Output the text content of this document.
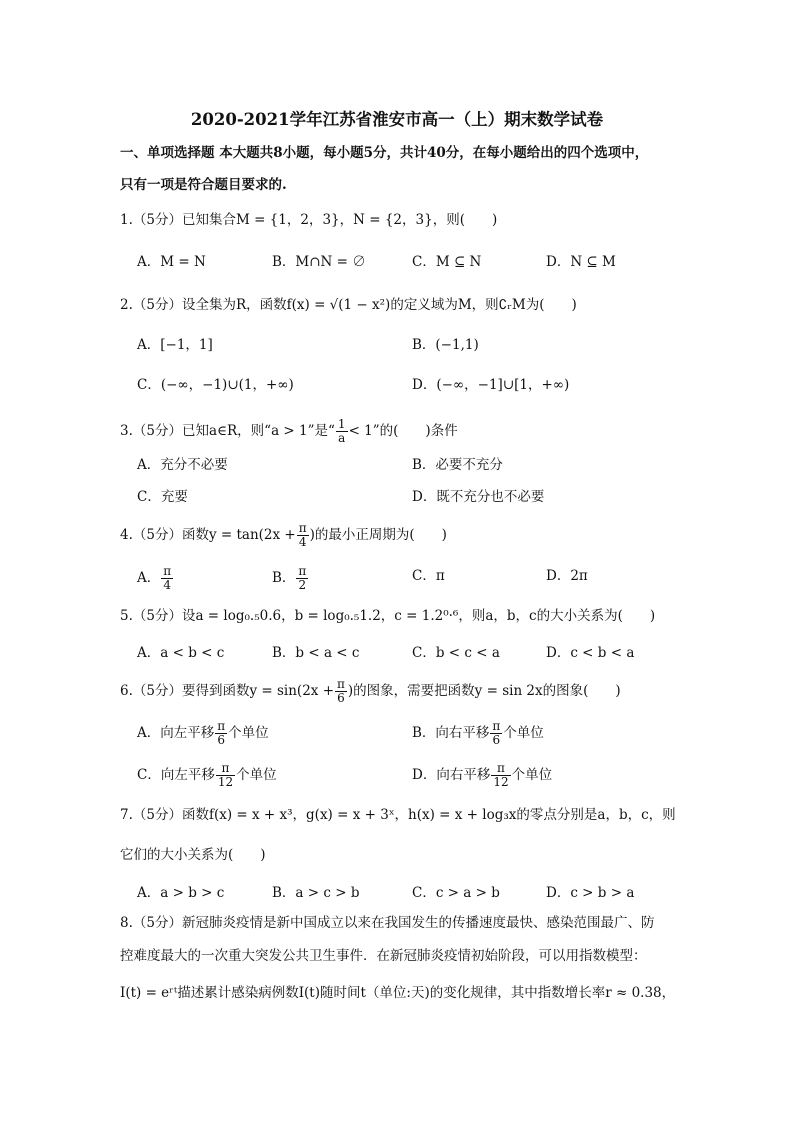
2020-2021学年江苏省淮安市高一（上）期末数学试卷
一、单项选择题 本大题共8小题，每小题5分，共计40分，在每小题给出的四个选项中，
只有一项是符合题目要求的.
1.（5分）已知集合M = {1，2，3}，N = {2，3}，则(　　)
A．M = N	B．M∩N = ∅	C．M ⊆ N	D．N ⊆ M
2.（5分）设全集为R，函数f(x) = √(1 − x²)的定义域为M，则∁ᵣM为(　　)
A．[−1，1]	B．(−1,1)
C．(−∞，−1)∪(1，+∞)	D．(−∞，−1]∪[1，+∞)
3.（5分）已知a∈R，则“a > 1”是“ $\frac{1}{a} < 1$”的(　　)条件
A．充分不必要	B．必要不充分
C．充要	D．既不充分也不必要
4.（5分）函数$y = \tan(2x + \frac{\pi}{4}$ )的最小正周期为(　　)
A． $\frac{\pi}{4}$	B． $\frac{\pi}{2}$	C．π	D．2π
5.（5分）设a = log₀.₅0.6，b = log₀.₅1.2，c = 1.2⁰·⁶，则a，b，c的大小关系为(　　)
A．a < b < c	B．b < a < c	C．b < c < a	D．c < b < a
6.（5分）要得到函数$y = \sin(2x + \frac{\pi}{6}$ )的图象，需要把函数y = sin 2x的图象(　　)
A．向左平移 $\frac{\pi}{6}$ 个单位	B．向右平移 $\frac{\pi}{6}$ 个单位
C．向左平移 $\frac{\pi}{12}$ 个单位	D．向右平移 $\frac{\pi}{12}$ 个单位
7.（5分）函数f(x) = x + x³，g(x) = x + 3ˣ，h(x) = x + log₃x的零点分别是a，b，c，则
它们的大小关系为(　　)
A．a > b > c	B．a > c > b	C．c > a > b	D．c > b > a
8.（5分）新冠肺炎疫情是新中国成立以来在我国发生的传播速度最快、感染范围最广、防
控难度最大的一次重大突发公共卫生事件．在新冠肺炎疫情初始阶段，可以用指数模型：
I(t) = eʳᵗ描述累计感染病例数I(t)随时间t（单位:天)的变化规律，其中指数增长率r ≈ 0.38，
